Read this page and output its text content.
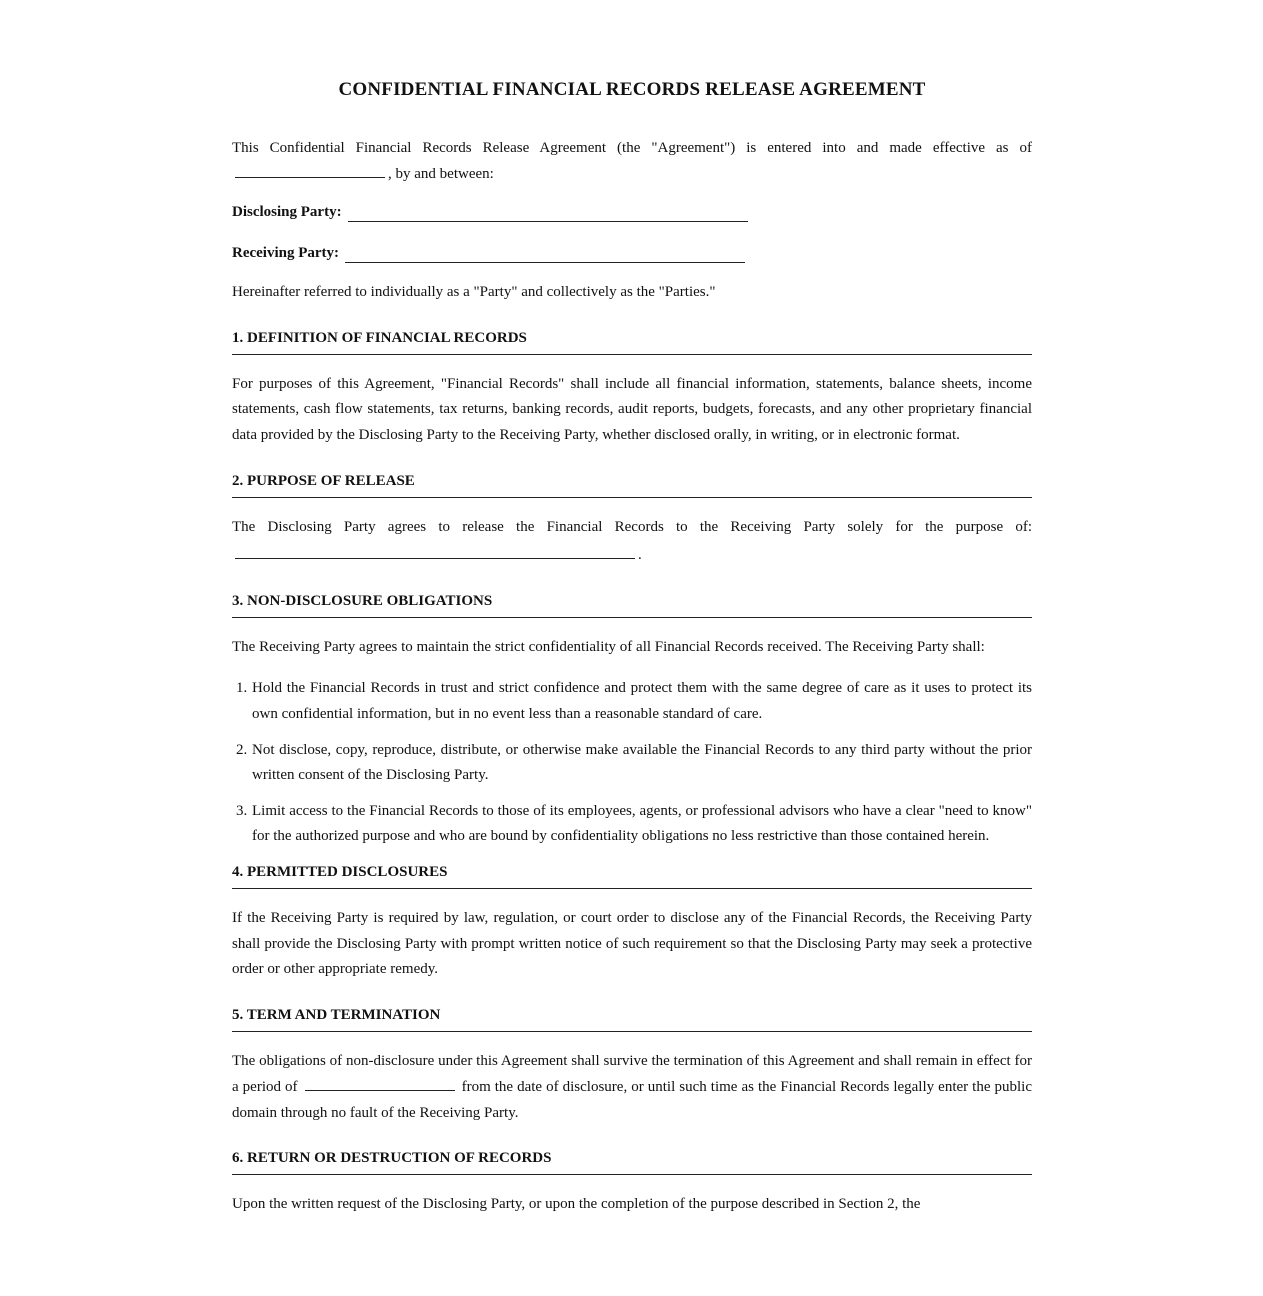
CONFIDENTIAL FINANCIAL RECORDS RELEASE AGREEMENT

This Confidential Financial Records Release Agreement (the "Agreement") is entered into and made effective as of , by and between:

Disclosing Party:
Receiving Party:

Hereinafter referred to individually as a "Party" and collectively as the "Parties."

1. DEFINITION OF FINANCIAL RECORDS

For purposes of this Agreement, "Financial Records" shall include all financial information, statements, balance sheets, income statements, cash flow statements, tax returns, banking records, audit reports, budgets, forecasts, and any other proprietary financial data provided by the Disclosing Party to the Receiving Party, whether disclosed orally, in writing, or in electronic format.

2. PURPOSE OF RELEASE

The Disclosing Party agrees to release the Financial Records to the Receiving Party solely for the purpose of: .

3. NON-DISCLOSURE OBLIGATIONS

The Receiving Party agrees to maintain the strict confidentiality of all Financial Records received. The Receiving Party shall:

1. Hold the Financial Records in trust and strict confidence and protect them with the same degree of care as it uses to protect its own confidential information, but in no event less than a reasonable standard of care.
2. Not disclose, copy, reproduce, distribute, or otherwise make available the Financial Records to any third party without the prior written consent of the Disclosing Party.
3. Limit access to the Financial Records to those of its employees, agents, or professional advisors who have a clear "need to know" for the authorized purpose and who are bound by confidentiality obligations no less restrictive than those contained herein.
4. PERMITTED DISCLOSURES

If the Receiving Party is required by law, regulation, or court order to disclose any of the Financial Records, the Receiving Party shall provide the Disclosing Party with prompt written notice of such requirement so that the Disclosing Party may seek a protective order or other appropriate remedy.

5. TERM AND TERMINATION

The obligations of non-disclosure under this Agreement shall survive the termination of this Agreement and shall remain in effect for a period of	from the date of disclosure, or until such time as the Financial Records legally enter the public domain through no fault of the Receiving Party.

6. RETURN OR DESTRUCTION OF RECORDS

Upon the written request of the Disclosing Party, or upon the completion of the purpose described in Section 2, the
